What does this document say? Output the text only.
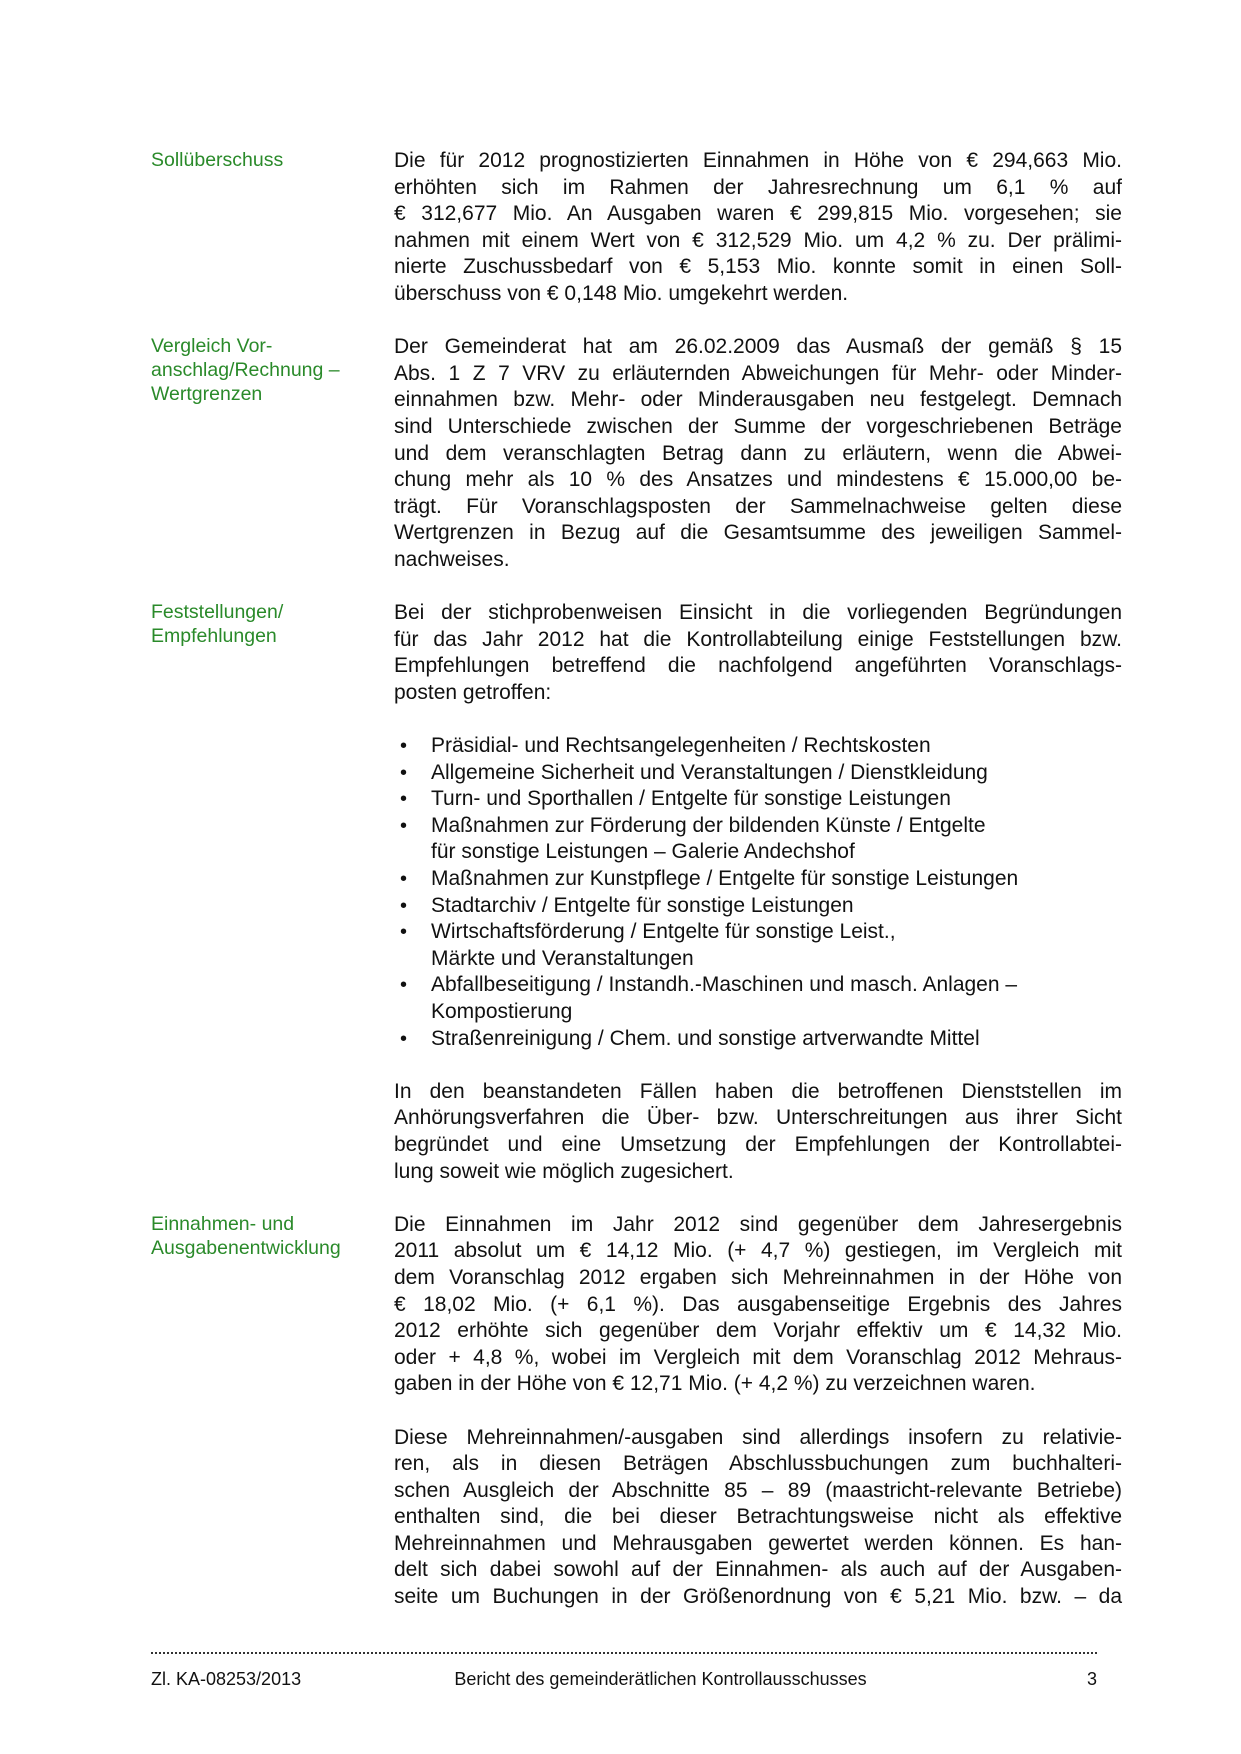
Sollüberschuss	Die für 2012 prognostizierten Einnahmen in Höhe von € 294,663 Mio.
erhöhten sich im Rahmen der Jahresrechnung um 6,1 % auf
€ 312,677 Mio. An Ausgaben waren € 299,815 Mio. vorgesehen; sie
nahmen mit einem Wert von € 312,529 Mio. um 4,2 % zu. Der prälimi-
nierte Zuschussbedarf von € 5,153 Mio. konnte somit in einen Soll-
überschuss von € 0,148 Mio. umgekehrt werden.
Vergleich Vor-
anschlag/Rechnung –
Wertgrenzen
Der Gemeinderat hat am 26.02.2009 das Ausmaß der gemäß § 15
Abs. 1 Z 7 VRV zu erläuternden Abweichungen für Mehr- oder Minder-
einnahmen bzw. Mehr- oder Minderausgaben neu festgelegt. Demnach
sind Unterschiede zwischen der Summe der vorgeschriebenen Beträge
und dem veranschlagten Betrag dann zu erläutern, wenn die Abwei-
chung mehr als 10 % des Ansatzes und mindestens € 15.000,00 be-
trägt. Für Voranschlagsposten der Sammelnachweise gelten diese
Wertgrenzen in Bezug auf die Gesamtsumme des jeweiligen Sammel-
nachweises.
Feststellungen/
Empfehlungen
Bei der stichprobenweisen Einsicht in die vorliegenden Begründungen
für das Jahr 2012 hat die Kontrollabteilung einige Feststellungen bzw.
Empfehlungen betreffend die nachfolgend angeführten Voranschlags-
posten getroffen:
• Präsidial- und Rechtsangelegenheiten / Rechtskosten
• Allgemeine Sicherheit und Veranstaltungen / Dienstkleidung
• Turn- und Sporthallen / Entgelte für sonstige Leistungen
• Maßnahmen zur Förderung der bildenden Künste / Entgelte
für sonstige Leistungen – Galerie Andechshof
• Maßnahmen zur Kunstpflege / Entgelte für sonstige Leistungen
• Stadtarchiv / Entgelte für sonstige Leistungen
• Wirtschaftsförderung / Entgelte für sonstige Leist.,
Märkte und Veranstaltungen
• Abfallbeseitigung / Instandh.-Maschinen und masch. Anlagen –
Kompostierung
• Straßenreinigung / Chem. und sonstige artverwandte Mittel
In den beanstandeten Fällen haben die betroffenen Dienststellen im
Anhörungsverfahren die Über- bzw. Unterschreitungen aus ihrer Sicht
begründet und eine Umsetzung der Empfehlungen der Kontrollabtei-
lung soweit wie möglich zugesichert.
Einnahmen- und
Ausgabenentwicklung
Die Einnahmen im Jahr 2012 sind gegenüber dem Jahresergebnis
2011 absolut um € 14,12 Mio. (+ 4,7 %) gestiegen, im Vergleich mit
dem Voranschlag 2012 ergaben sich Mehreinnahmen in der Höhe von
€ 18,02 Mio. (+ 6,1 %). Das ausgabenseitige Ergebnis des Jahres
2012 erhöhte sich gegenüber dem Vorjahr effektiv um € 14,32 Mio.
oder + 4,8 %, wobei im Vergleich mit dem Voranschlag 2012 Mehraus-
gaben in der Höhe von € 12,71 Mio. (+ 4,2 %) zu verzeichnen waren.
Diese Mehreinnahmen/-ausgaben sind allerdings insofern zu relativie-
ren, als in diesen Beträgen Abschlussbuchungen zum buchhalteri-
schen Ausgleich der Abschnitte 85 – 89 (maastricht-relevante Betriebe)
enthalten sind, die bei dieser Betrachtungsweise nicht als effektive
Mehreinnahmen und Mehrausgaben gewertet werden können. Es han-
delt sich dabei sowohl auf der Einnahmen- als auch auf der Ausgaben-
seite um Buchungen in der Größenordnung von € 5,21 Mio. bzw. – da
Zl. KA-08253/2013	Bericht des gemeinderätlichen Kontrollausschusses	3
